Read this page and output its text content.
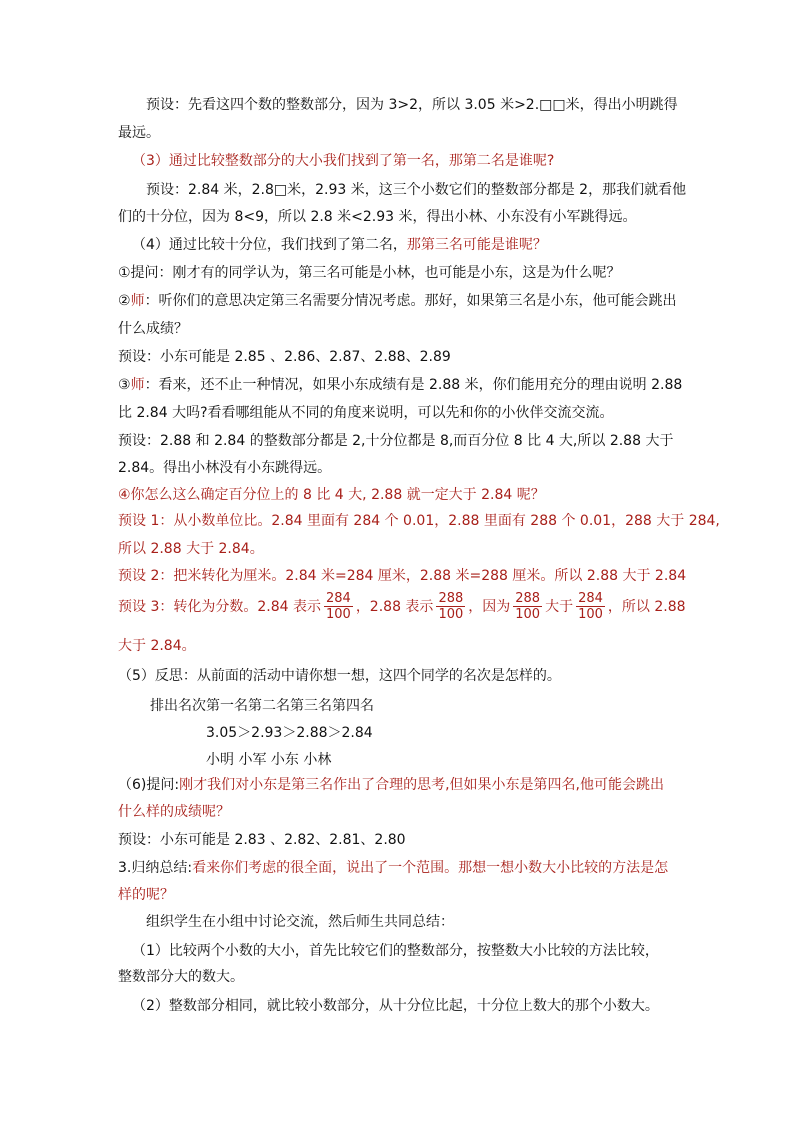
预设：先看这四个数的整数部分，因为 3>2，所以 3.05 米>2.□□米，得出小明跳得
最远。
（3）通过比较整数部分的大小我们找到了第一名，那第二名是谁呢?
预设：2.84 米，2.8□米，2.93 米，这三个小数它们的整数部分都是 2，那我们就看他
们的十分位，因为 8<9，所以 2.8 米<2.93 米，得出小林、小东没有小军跳得远。
（4）通过比较十分位，我们找到了第二名，那第三名可能是谁呢？
①提问：刚才有的同学认为，第三名可能是小林，也可能是小东，这是为什么呢？
②师：听你们的意思决定第三名需要分情况考虑。那好，如果第三名是小东，他可能会跳出
什么成绩？
预设：小东可能是 2.85 、2.86、2.87、2.88、2.89
③师：看来，还不止一种情况，如果小东成绩有是 2.88 米，你们能用充分的理由说明 2.88
比 2.84 大吗?看看哪组能从不同的角度来说明，可以先和你的小伙伴交流交流。
预设：2.88 和 2.84 的整数部分都是 2,十分位都是 8,而百分位 8 比 4 大,所以 2.88 大于
2.84。得出小林没有小东跳得远。
④你怎么这么确定百分位上的 8 比 4 大, 2.88 就一定大于 2.84 呢？
预设 1：从小数单位比。2.84 里面有 284 个 0.01，2.88 里面有 288 个 0.01，288 大于 284,
所以 2.88 大于 2.84。
预设 2：把米转化为厘米。2.84 米=284 厘米，2.88 米=288 厘米。所以 2.88 大于 2.84
预设 3：转化为分数。2.84 表示 $\frac{284}{100}$ ，2.88 表示 $\frac{288}{100}$ ，因为 $\frac{288}{100}$ 大于 $\frac{284}{100}$ ，所以 2.88
大于 2.84。
（5）反思：从前面的活动中请你想一想，这四个同学的名次是怎样的。
排出名次第一名第二名第三名第四名
3.05＞2.93＞2.88＞2.84
小明 小军 小东 小林
（6)提问:刚才我们对小东是第三名作出了合理的思考,但如果小东是第四名,他可能会跳出
什么样的成绩呢？
预设：小东可能是 2.83 、2.82、2.81、2.80
3.归纳总结:看来你们考虑的很全面，说出了一个范围。那想一想小数大小比较的方法是怎
样的呢？
组织学生在小组中讨论交流，然后师生共同总结：
（1）比较两个小数的大小，首先比较它们的整数部分，按整数大小比较的方法比较，
整数部分大的数大。
（2）整数部分相同，就比较小数部分，从十分位比起，十分位上数大的那个小数大。
